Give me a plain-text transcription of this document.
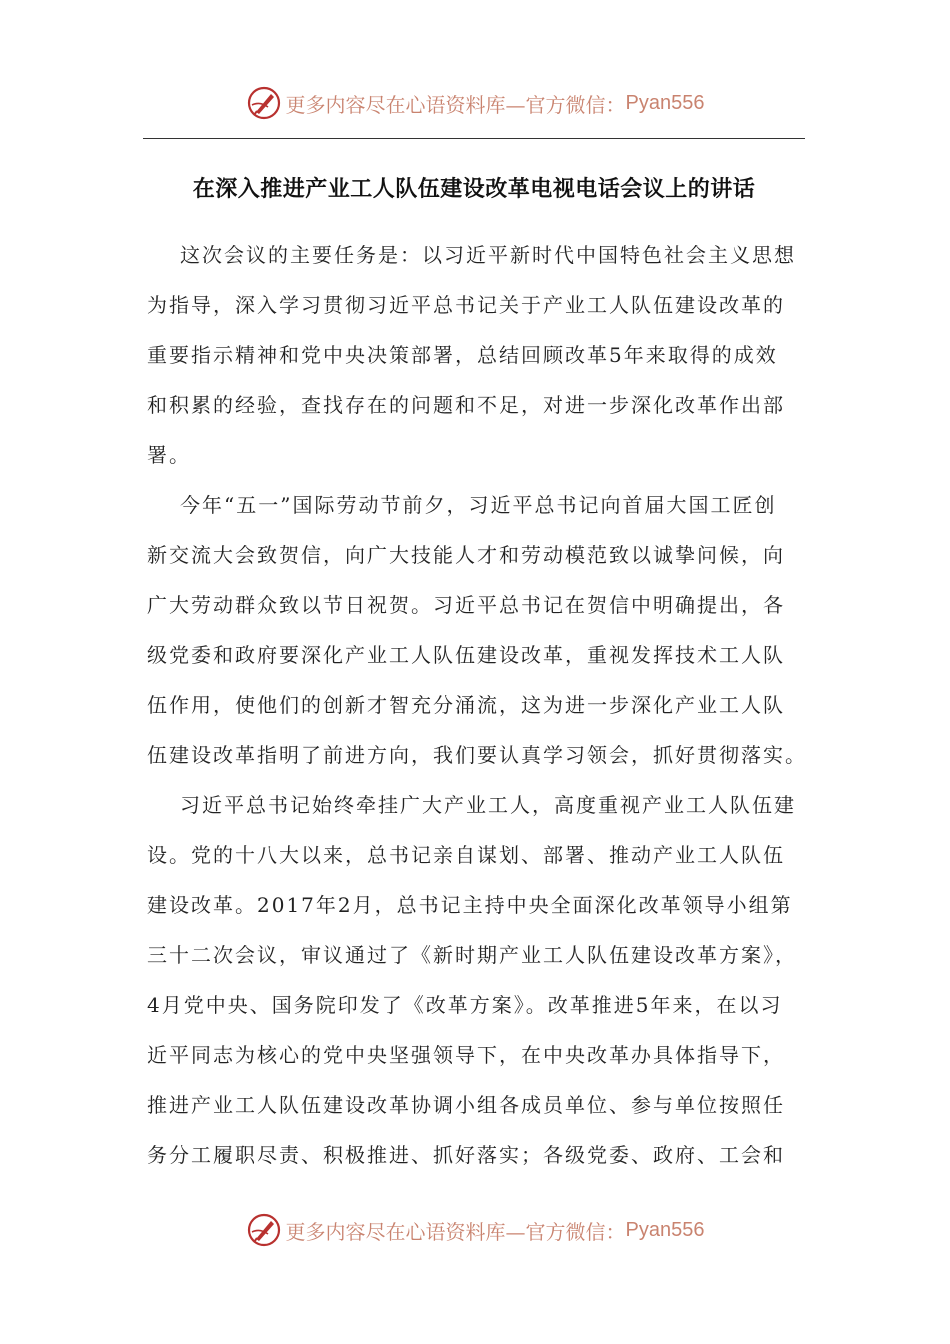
更多内容尽在心语资料库—官方微信： Pyan556
在深入推进产业工人队伍建设改革电视电话会议上的讲话
这次会议的主要任务是：以习近平新时代中国特色社会主义思想
为指导，深入学习贯彻习近平总书记关于产业工人队伍建设改革的
重要指示精神和党中央决策部署，总结回顾改革5年来取得的成效
和积累的经验，查找存在的问题和不足，对进一步深化改革作出部
署。
今年“五一”国际劳动节前夕，习近平总书记向首届大国工匠创
新交流大会致贺信，向广大技能人才和劳动模范致以诚挚问候，向
广大劳动群众致以节日祝贺。习近平总书记在贺信中明确提出，各
级党委和政府要深化产业工人队伍建设改革，重视发挥技术工人队
伍作用，使他们的创新才智充分涌流，这为进一步深化产业工人队
伍建设改革指明了前进方向，我们要认真学习领会，抓好贯彻落实。
习近平总书记始终牵挂广大产业工人，高度重视产业工人队伍建
设。党的十八大以来，总书记亲自谋划、部署、推动产业工人队伍
建设改革。2017年2月，总书记主持中央全面深化改革领导小组第
三十二次会议，审议通过了《新时期产业工人队伍建设改革方案》，
4月党中央、国务院印发了《改革方案》。改革推进5年来，在以习
近平同志为核心的党中央坚强领导下，在中央改革办具体指导下，
推进产业工人队伍建设改革协调小组各成员单位、参与单位按照任
务分工履职尽责、积极推进、抓好落实；各级党委、政府、工会和
更多内容尽在心语资料库—官方微信： Pyan556
